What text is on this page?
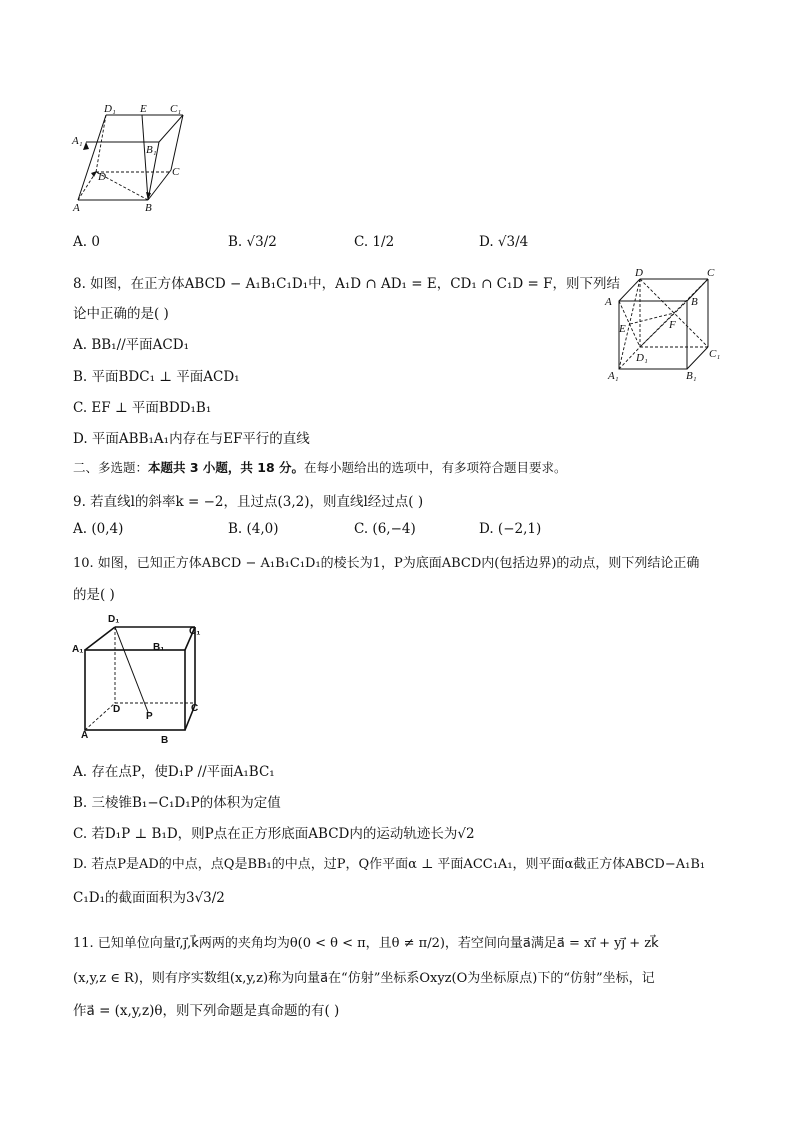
D₁ E C₁
A₁
B₁
D	C
A	B
A. 0	B. √3/2	C. 1/2	D. √3/4
8. 如图，在正方体ABCD − A₁B₁C₁D₁中，A₁D ∩ AD₁ = E，CD₁ ∩ C₁D = F，则下列结
论中正确的是( )
A. BB₁//平面ACD₁
B. 平面BDC₁ ⊥ 平面ACD₁
C. EF ⊥ 平面BDD₁B₁
D. 平面ABB₁A₁内存在与EF平行的直线
D	C
A	B
E	F
D₁	C₁
A₁	B₁
二、多选题：本题共 3 小题，共 18 分。在每小题给出的选项中，有多项符合题目要求。
9. 若直线l的斜率k = −2，且过点(3,2)，则直线l经过点( )
A. (0,4)	B. (4,0)	C. (6,−4)	D. (−2,1)
10. 如图，已知正方体ABCD − A₁B₁C₁D₁的棱长为1，P为底面ABCD内(包括边界)的动点，则下列结论正确
的是( )
D₁
C₁
A₁	B₁
D
P
C
A	B
A. 存在点P，使D₁P //平面A₁BC₁
B. 三棱锥B₁−C₁D₁P的体积为定值
C. 若D₁P ⊥ B₁D，则P点在正方形底面ABCD内的运动轨迹长为√2
D. 若点P是AD的中点，点Q是BB₁的中点，过P，Q作平面α ⊥ 平面ACC₁A₁，则平面α截正方体ABCD−A₁B₁
C₁D₁的截面面积为3√3/2
11. 已知单位向量i⃗,j⃗,k⃗两两的夹角均为θ(0 < θ < π，且θ ≠ π/2)，若空间向量a⃗满足a⃗ = xi⃗ + yj⃗ + zk⃗
(x,y,z ∈ R)，则有序实数组(x,y,z)称为向量a⃗在“仿射”坐标系Oxyz(O为坐标原点)下的“仿射”坐标，记
作a⃗ = (x,y,z)θ，则下列命题是真命题的有( )
